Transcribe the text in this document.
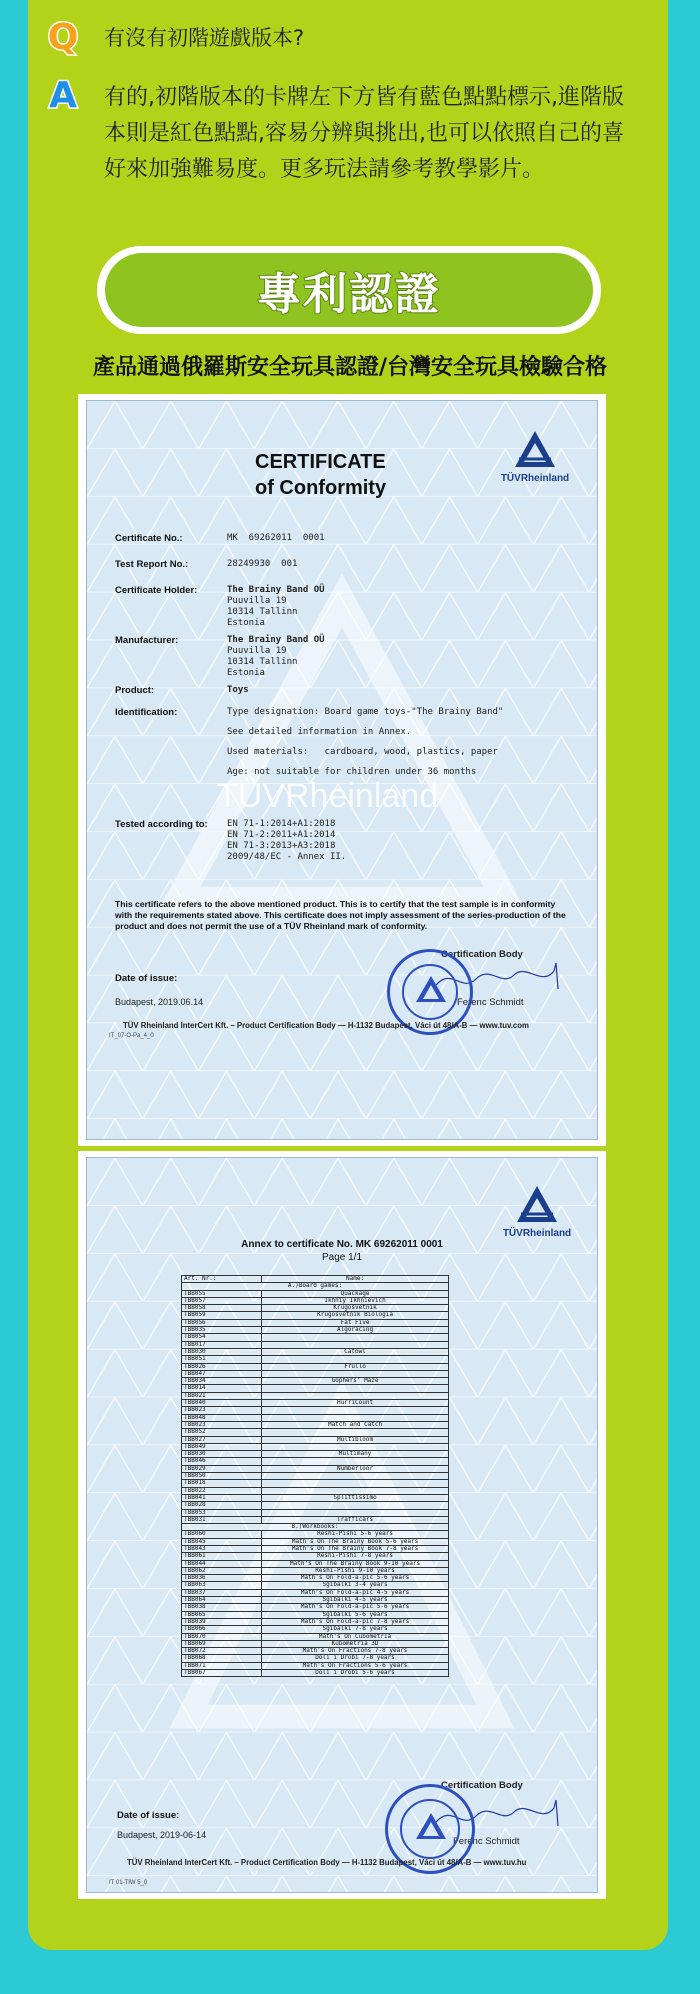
Q 有沒有初階遊戲版本?
A 有的,初階版本的卡牌左下方皆有藍色點點標示,進階版本則是紅色點點,容易分辨與挑出,也可以依照自己的喜好來加強難易度。更多玩法請參考教學影片。
專利認證
產品通過俄羅斯安全玩具認證/台灣安全玩具檢驗合格
TÜVRheinland
CERTIFICATE
of Conformity
Certificate No.:	MK  69262011  0001
Test Report No.:	28249930  001
Certificate Holder:	The Brainy Band OÜ
Puuvilla 19
10314 Tallinn
Estonia
Manufacturer:	The Brainy Band OÜ
Puuvilla 19
10314 Tallinn
Estonia
Product:	Toys
Identification:	Type designation: Board game toys-"The Brainy Band"
See detailed information in Annex.
Used materials:   cardboard, wood, plastics, paper
Age: not suitable for children under 36 months
TÜVRheinland
Tested according to: EN 71-1:2014+A1:2018
EN 71-2:2011+A1:2014
EN 71-3:2013+A3:2018
2009/48/EC - Annex II.
This certificate refers to the above mentioned product. This is to certify that the test sample is in conformity with the requirements stated above. This certificate does not imply assessment of the series-production of the product and does not permit the use of a TÜV Rheinland mark of conformity.
Date of issue:
Budapest, 2019.06.14
Certification Body
Ferenc Schmidt
TÜV Rheinland InterCert Kft. – Product Certification Body — H-1132 Budapest, Váci út 48/A-B — www.tuv.com
IT_07-O-Pa_4_0
TÜVRheinland
Annex to certificate No. MK 69262011 0001
Page 1/1
Art. Nr.:	Name:
A.)Board games:	
TBB055	Quackage
TBB057	Ikhniy Ikhnievich
TBB058	Krugosvetnik
TBB059	Krugosvetnik Biologia
TBB056	Fat Five
TBB035	Algoracing
TBB054	
TBB017	
TBB030	Catowl
TBB051	
TBB026	Frullo
TBB047	
TBB034	Gophers' Maze
TBB014	
TBB021	
TBB040	HurriCount
TBB023	
TBB048	
TBB023	Match and Catch
TBB052	
TBB027	Multibloom
TBB049	
TBB030	Multimany
TBB046	
TBB029	Numberloor
TBB050	
TBB018	
TBB022	
TBB041	Splittissimo
TBB028	
TBB053	
TBB031	Trafficars
B.)Workbooks:	
TBB060	Reshi-Pishi 5-6 years
TBB045	Math's On The Brainy Book 5-6 years
TBB043	Math's On The Brainy Book 7-8 years
TBB061	Reshi-Pishi 7-8 years
TBB044	Math's On The Brainy Book 9-10 years
TBB062	Reshi-Pishi 9-10 years
TBB036	Math's On Fold-a-pic 5-6 years
TBB063	Sgibalki 3-4 years
TBB037	Math's On Fold-a-pic 4-5 years
TBB064	Sgibalki 4-5 years
TBB038	Math's On Fold-a-pic 5-6 years
TBB065	Sgibalki 5-6 years
TBB039	Math's On Fold-a-pic 7-8 years
TBB066	Sgibalki 7-8 years
TBB070	Math's On Cubometria
TBB069	Kubometria 3D
TBB072	Math's On Fractions 7-8 years
TBB068	Doli i Drobi 7-8 years
TBB071	Math's On Fractions 5-6 years
TBB067	Doli i Drobi 5-6 years
Date of issue:
Budapest, 2019-06-14
Certification Body
Ferenc Schmidt
TÜV Rheinland InterCert Kft. – Product Certification Body — H-1132 Budapest, Váci út 48/A-B — www.tuv.hu
IT 01-TIW 5_0
